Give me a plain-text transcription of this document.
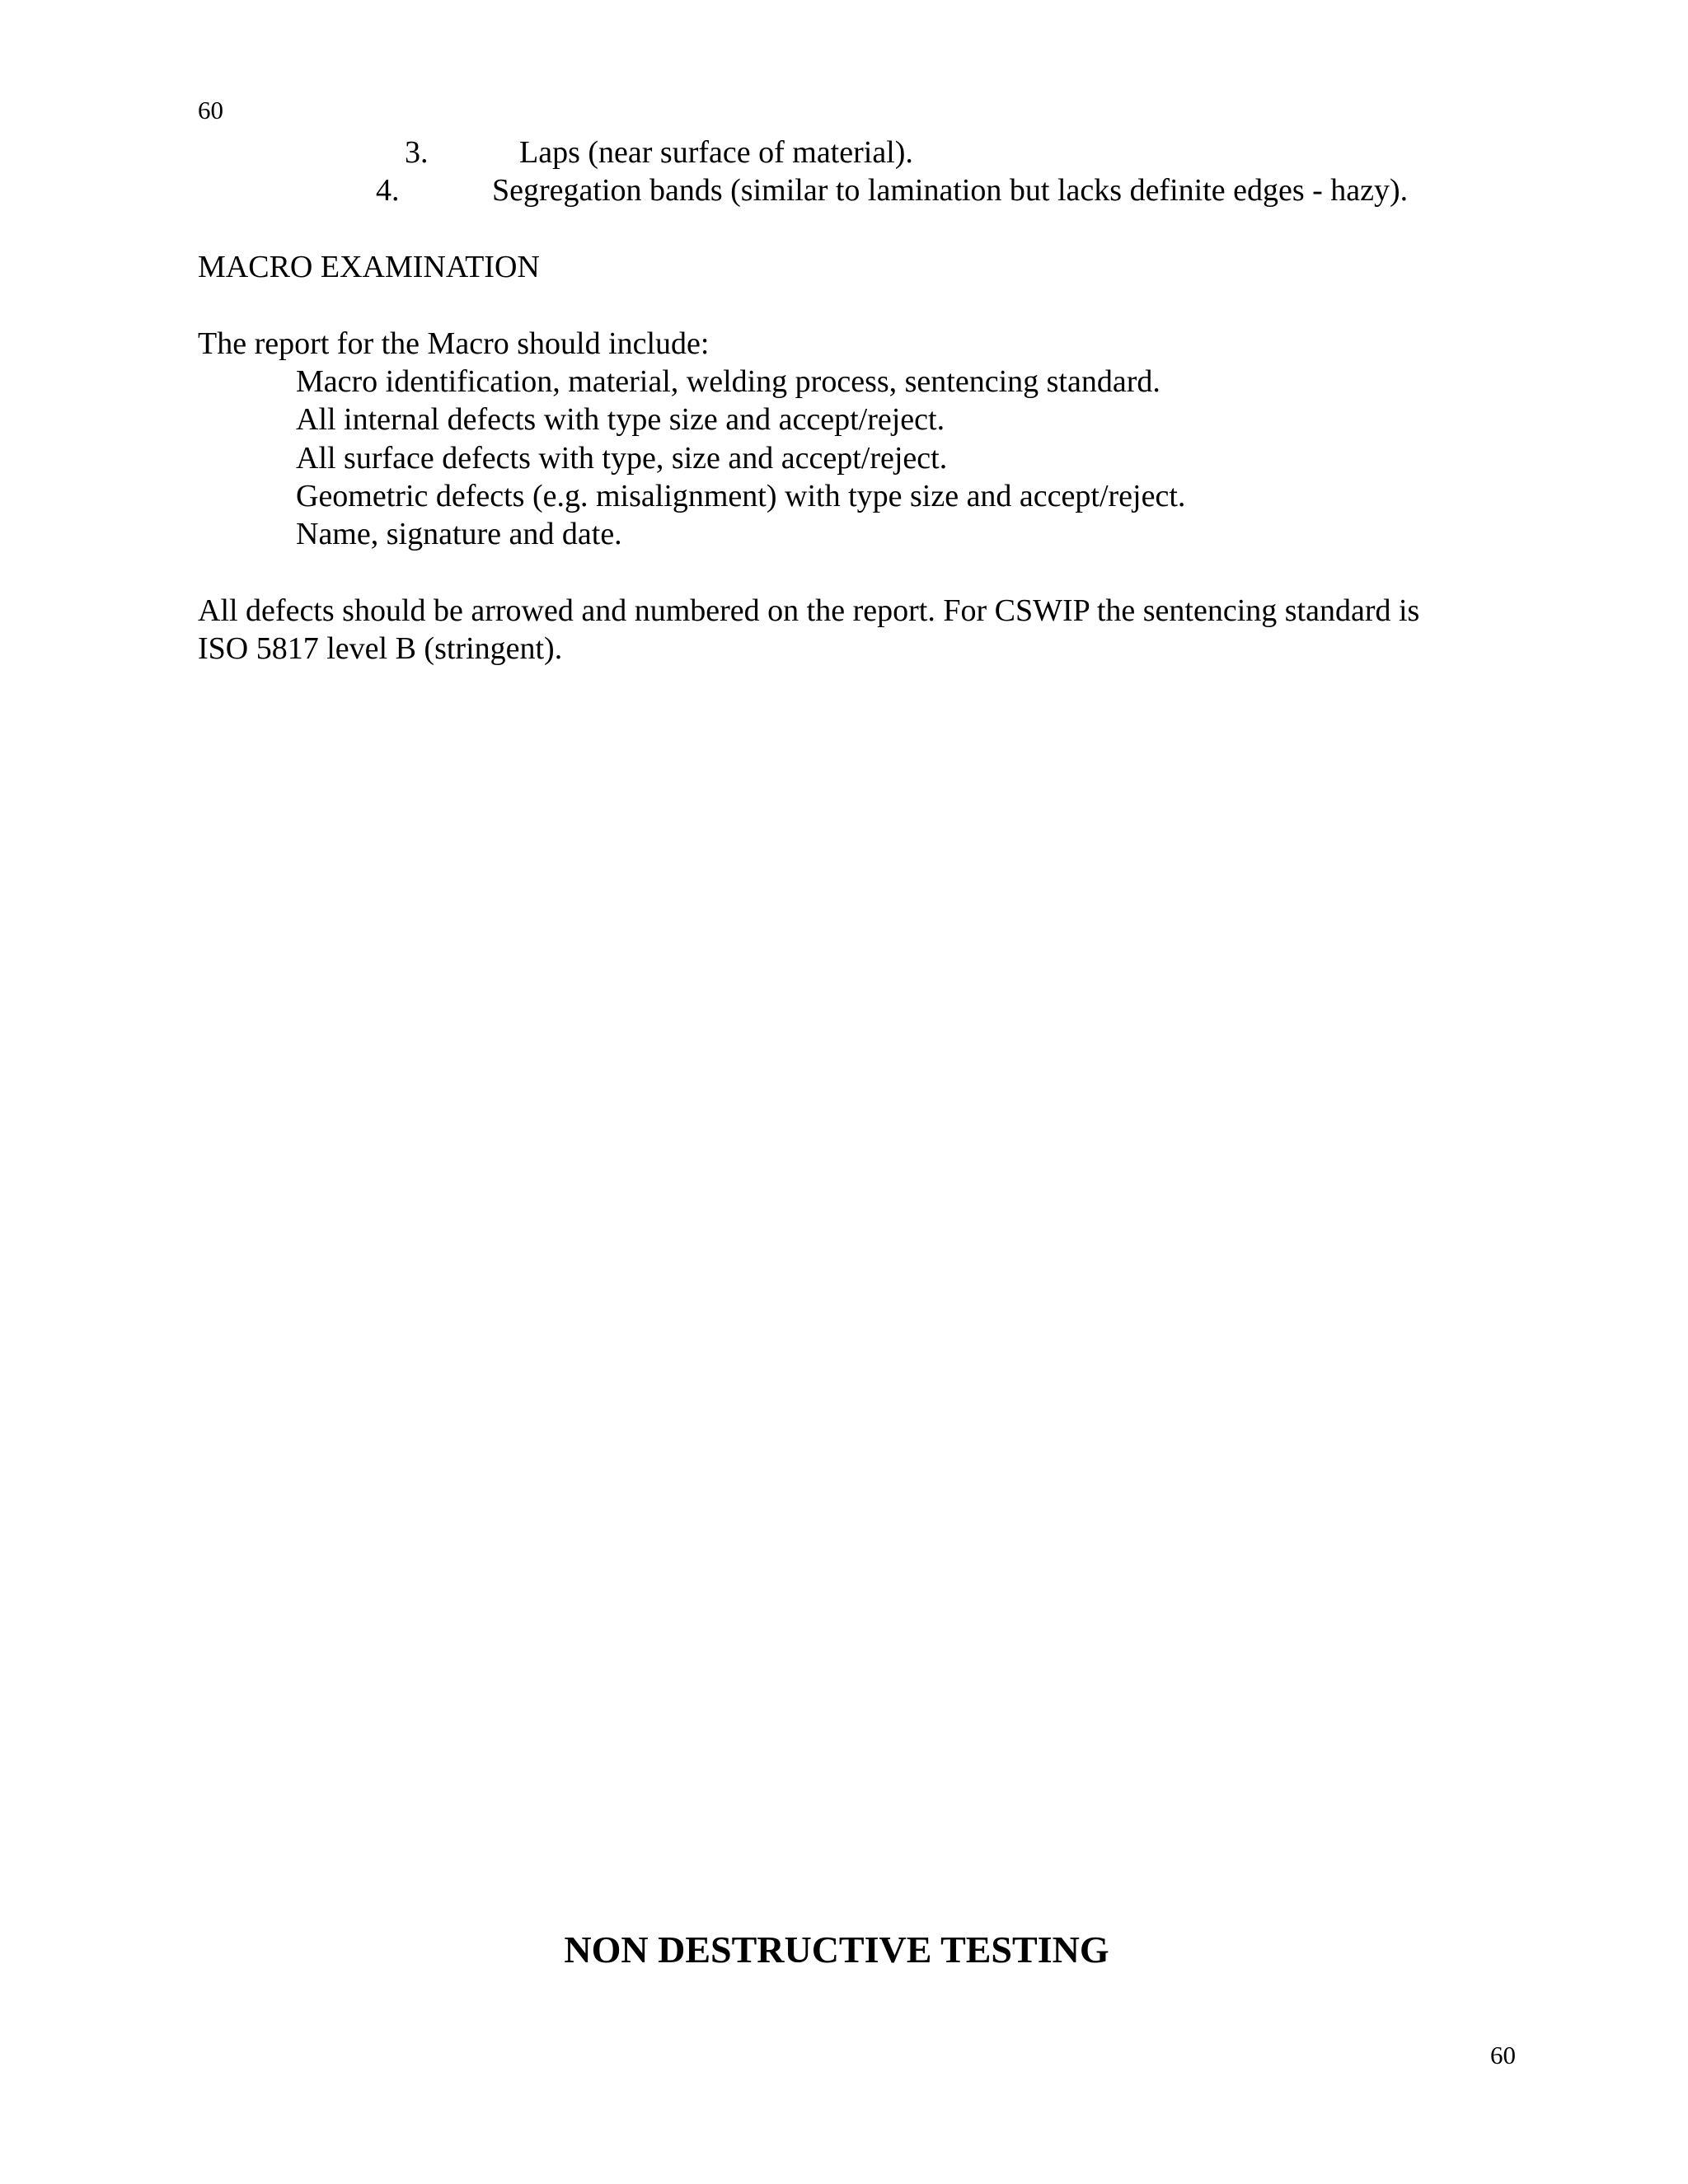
60
3.	Laps (near surface of material).
4.	Segregation bands (similar to lamination but lacks definite edges - hazy).
MACRO EXAMINATION
The report for the Macro should include:
Macro identification, material, welding process, sentencing standard.
All internal defects with type size and accept/reject.
All surface defects with type, size and accept/reject.
Geometric defects (e.g. misalignment) with type size and accept/reject.
Name, signature and date.
All defects should be arrowed and numbered on the report. For CSWIP the sentencing standard is
ISO 5817 level B (stringent).
NON DESTRUCTIVE TESTING
60
